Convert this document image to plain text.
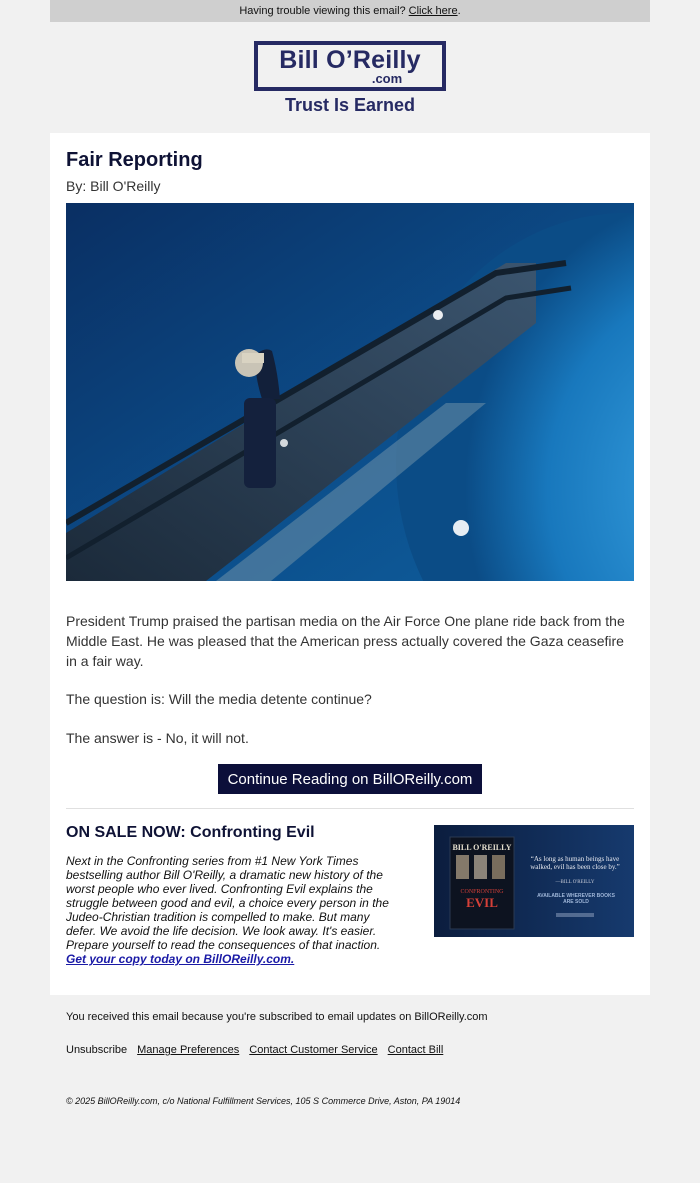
Having trouble viewing this email? Click here .
Bill O’Reilly
.com
Trust Is Earned
Fair Reporting
By: Bill O'Reilly
President Trump praised the partisan media on the Air Force One plane ride back from the Middle East. He was pleased that the American press actually covered the Gaza ceasefire in a fair way.
The question is: Will the media detente continue?
The answer is - No, it will not.
Continue Reading on BillOReilly.com
ON SALE NOW: Confronting Evil
Next in the Confronting series from #1 New York Times bestselling author Bill O'Reilly, a dramatic new history of the worst people who ever lived. Confronting Evil explains the struggle between good and evil, a choice every person in the Judeo-Christian tradition is compelled to make. But many defer. We avoid the life decision. We look away. It's easier. Prepare yourself to read the consequences of that inaction. Get your copy today on BillOReilly.com.
BILL O'REILLY
CONFRONTING
EVIL
“As long as human beings have walked, evil has been close by.”
—BILL O'REILLY
AVAILABLE WHEREVER BOOKS ARE SOLD
You received this email because you're subscribed to email updates on BillOReilly.com
Unsubscribe Manage Preferences Contact Customer Service Contact Bill
© 2025 BillOReilly.com, c/o National Fulfillment Services, 105 S Commerce Drive, Aston, PA 19014
